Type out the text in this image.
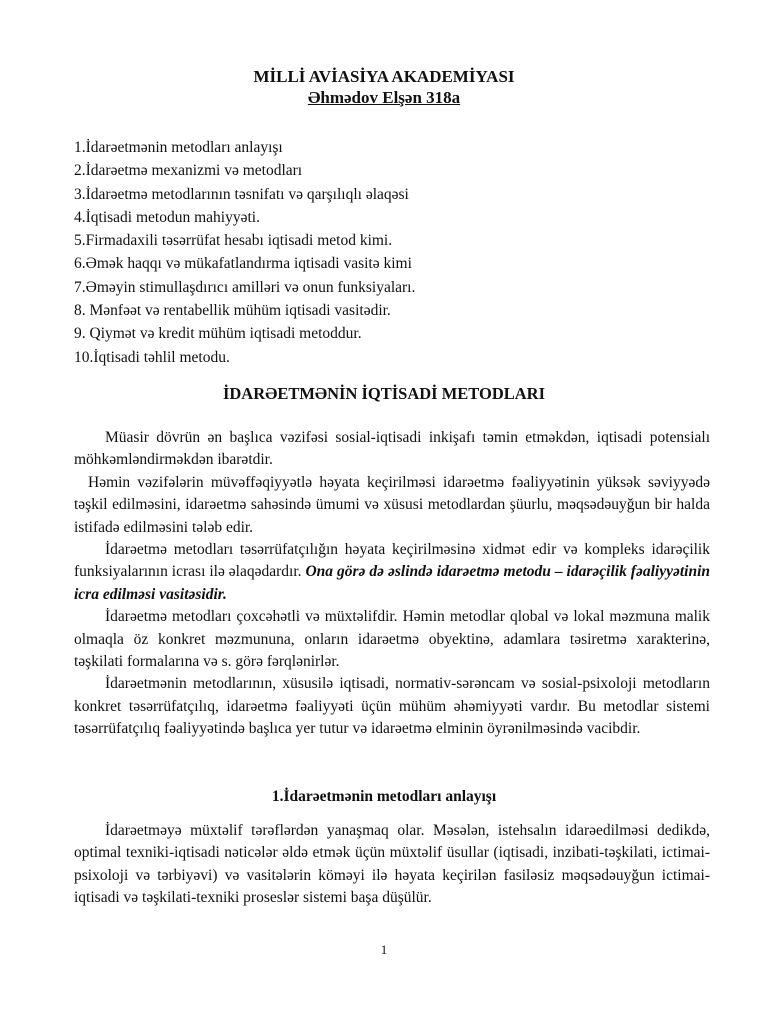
MİLLİ AVİASİYA AKADEMİYASI
Əhmədov Elşən 318a
1.İdarəetmənin metodları anlayışı
2.İdarəetmə mexanizmi və metodları
3.İdarəetmə metodlarının təsnifatı və qarşılıqlı əlaqəsi
4.İqtisadi metodun mahiyyəti.
5.Firmadaxili təsərrüfat hesabı iqtisadi metod kimi.
6.Əmək haqqı və mükafatlandırma iqtisadi vasitə kimi
7.Əməyin stimullaşdırıcı amilləri və onun funksiyaları.
8. Mənfəət və rentabellik mühüm iqtisadi vasitədir.
9. Qiymət və kredit mühüm iqtisadi metoddur.
10.İqtisadi təhlil metodu.
İDARƏETMƏNİN İQTİSADİ METODLARI

Müasir dövrün ən başlıca vəzifəsi sosial-iqtisadi inkişafı təmin etməkdən, iqtisadi potensialı möhkəmləndirməkdən ibarətdir.

Həmin vəzifələrin müvəffəqiyyətlə həyata keçirilməsi idarəetmə fəaliyyətinin yüksək səviyyədə təşkil edilməsini, idarəetmə sahəsində ümumi və xüsusi metodlardan şüurlu, məqsədəuyğun bir halda istifadə edilməsini tələb edir.

İdarəetmə metodları təsərrüfatçılığın həyata keçirilməsinə xidmət edir və kompleks idarəçilik funksiyalarının icrası ilə əlaqədardır. Ona görə də əslində idarəetmə metodu – idarəçilik fəaliyyətinin icra edilməsi vasitəsidir.

İdarəetmə metodları çoxcəhətli və müxtəlifdir. Həmin metodlar qlobal və lokal məzmuna malik olmaqla öz konkret məzmununa, onların idarəetmə obyektinə, adamlara təsiretmə xarakterinə, təşkilati formalarına və s. görə fərqlənirlər.

İdarəetmənin metodlarının, xüsusilə iqtisadi, normativ-sərəncam və sosial-psixoloji metodların konkret təsərrüfatçılıq, idarəetmə fəaliyyəti üçün mühüm əhəmiyyəti vardır. Bu metodlar sistemi təsərrüfatçılıq fəaliyyətində başlıca yer tutur və idarəetmə elminin öyrənilməsində vacibdir.

1.İdarəetmənin metodları anlayışı

İdarəetməyə müxtəlif tərəflərdən yanaşmaq olar. Məsələn, istehsalın idarəedilməsi dedikdə, optimal texniki-iqtisadi nəticələr əldə etmək üçün müxtəlif üsullar (iqtisadi, inzibati-təşkilati, ictimai-psixoloji və tərbiyəvi) və vasitələrin köməyi ilə həyata keçirilən fasiləsiz məqsədəuyğun ictimai-iqtisadi və təşkilati-texniki proseslər sistemi başa düşülür.

1
